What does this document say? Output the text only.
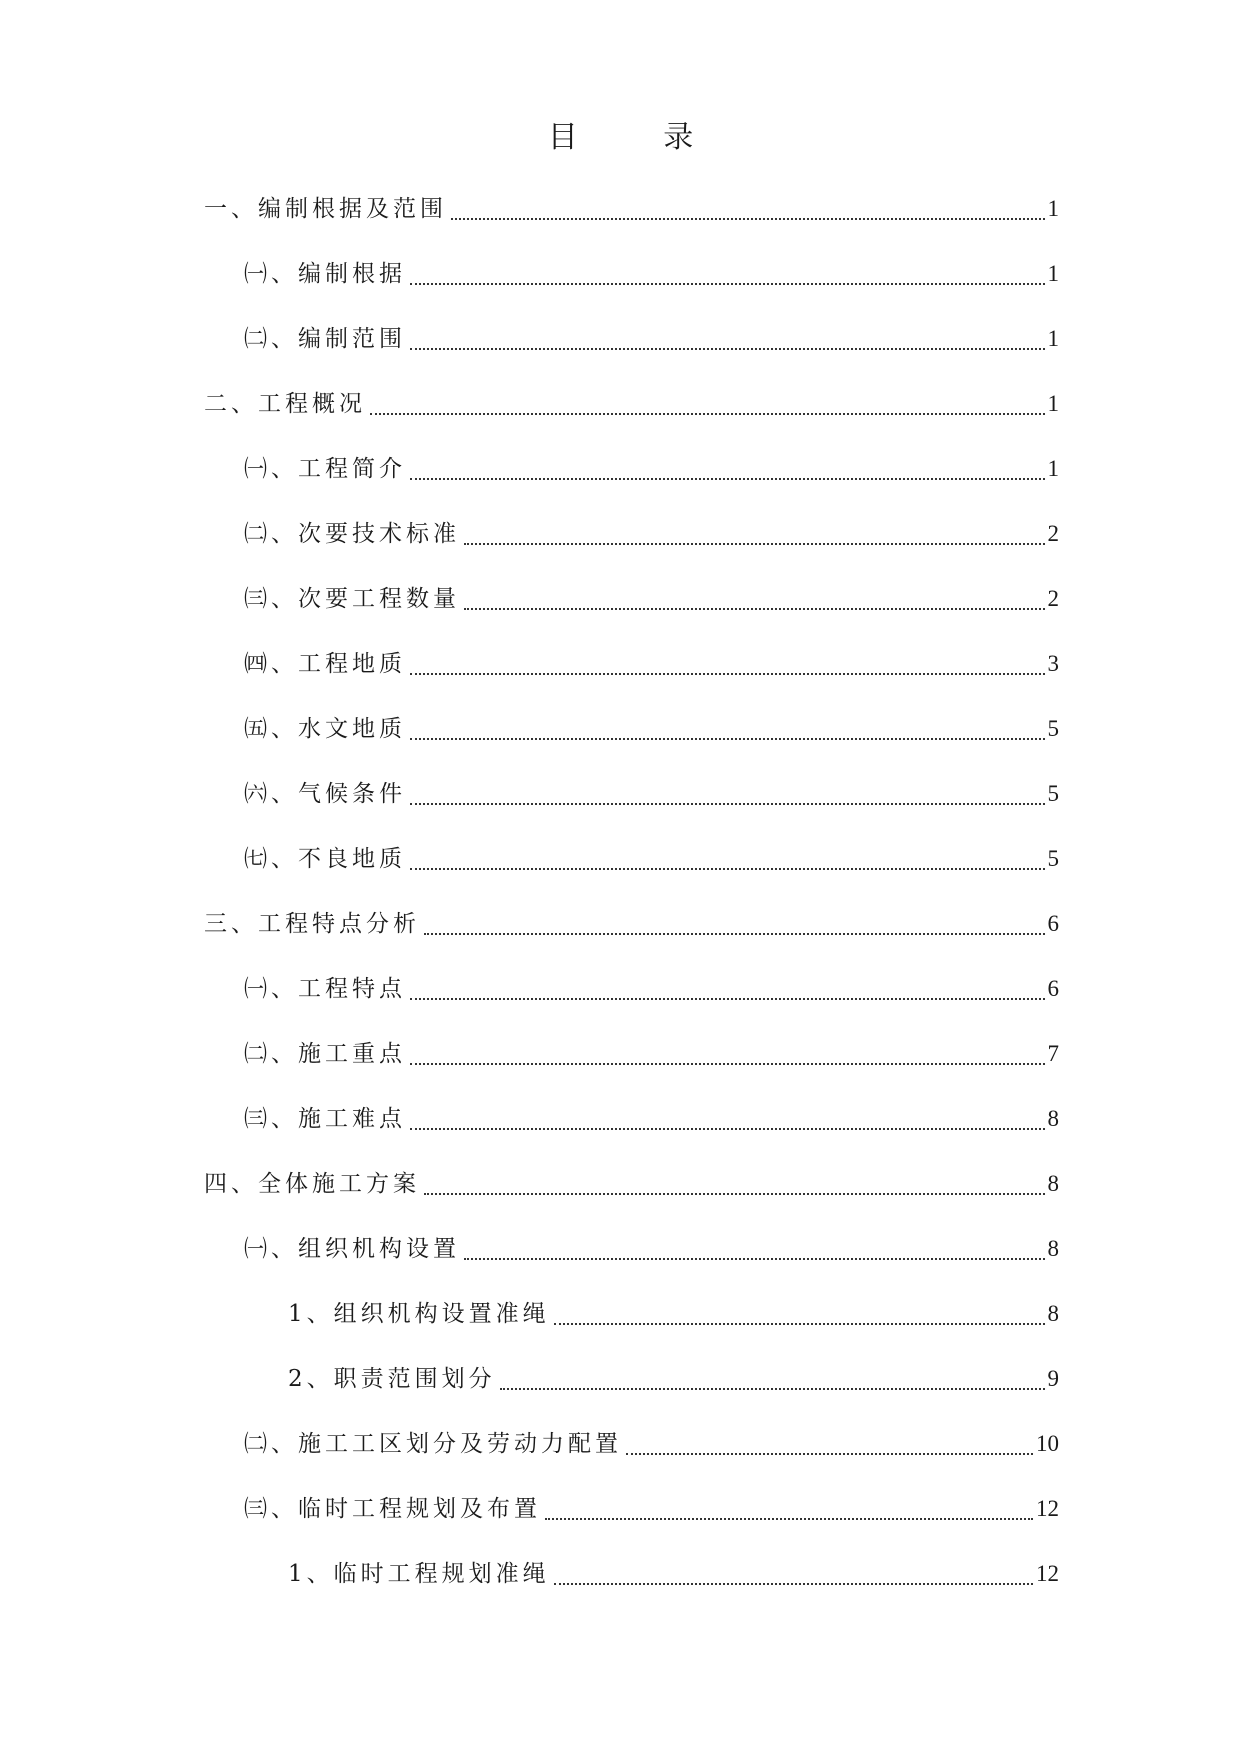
目 录
一、编制根据及范围	1
㈠、编制根据	1
㈡、编制范围	1
二、工程概况	1
㈠、工程简介	1
㈡、次要技术标准	2
㈢、次要工程数量	2
㈣、工程地质	3
㈤、水文地质	5
㈥、气候条件	5
㈦、不良地质	5
三、工程特点分析	6
㈠、工程特点	6
㈡、施工重点	7
㈢、施工难点	8
四、全体施工方案	8
㈠、组织机构设置	8
1、组织机构设置准绳	8
2、职责范围划分	9
㈡、施工工区划分及劳动力配置	10
㈢、临时工程规划及布置	12
1、临时工程规划准绳	12
